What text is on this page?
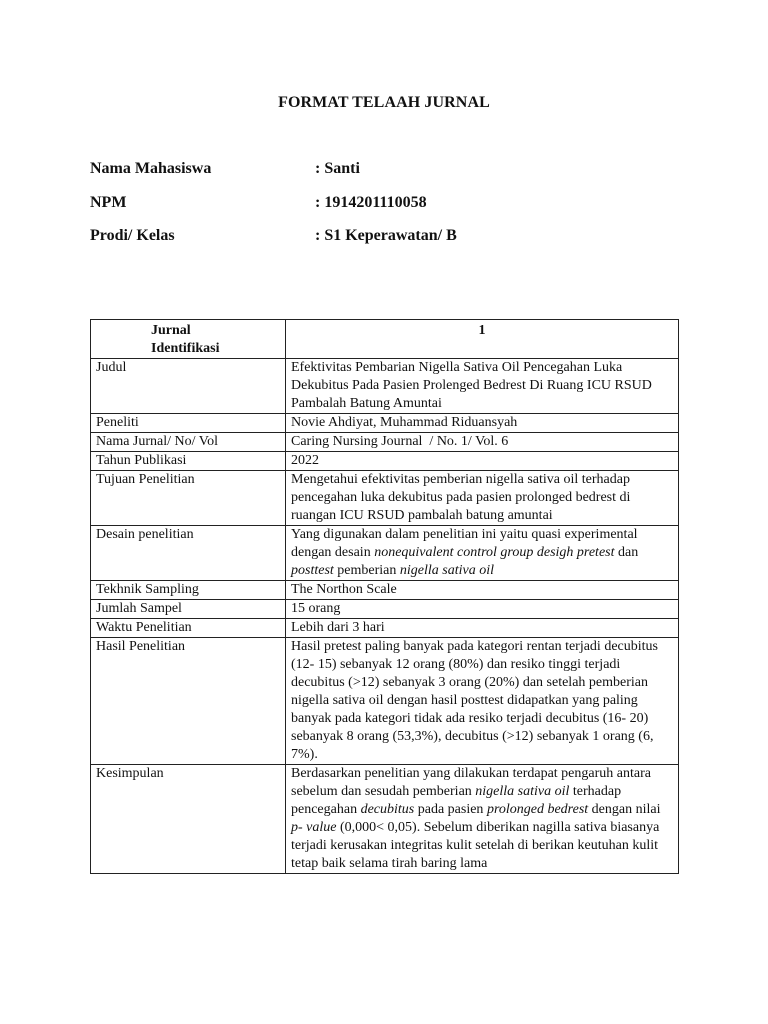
FORMAT TELAAH JURNAL
Nama Mahasiswa	: Santi
NPM	: 1914201110058
Prodi/ Kelas	: S1 Keperawatan/ B
Jurnal
Identifikasi	1
Judul	Efektivitas Pembarian Nigella Sativa Oil Pencegahan Luka Dekubitus Pada Pasien Prolenged Bedrest Di Ruang ICU RSUD Pambalah Batung Amuntai
Peneliti	Novie Ahdiyat, Muhammad Riduansyah
Nama Jurnal/ No/ Vol	Caring Nursing Journal  / No. 1/ Vol. 6
Tahun Publikasi	2022
Tujuan Penelitian	Mengetahui efektivitas pemberian nigella sativa oil terhadap pencegahan luka dekubitus pada pasien prolonged bedrest di ruangan ICU RSUD pambalah batung amuntai
Desain penelitian	Yang digunakan dalam penelitian ini yaitu quasi experimental dengan desain nonequivalent control group desigh pretest dan posttest pemberian nigella sativa oil
Tekhnik Sampling	The Northon Scale
Jumlah Sampel	15 orang
Waktu Penelitian	Lebih dari 3 hari
Hasil Penelitian	Hasil pretest paling banyak pada kategori rentan terjadi decubitus (12- 15) sebanyak 12 orang (80%) dan resiko tinggi terjadi decubitus (>12) sebanyak 3 orang (20%) dan setelah pemberian nigella sativa oil dengan hasil posttest didapatkan yang paling banyak pada kategori tidak ada resiko terjadi decubitus (16- 20) sebanyak 8 orang (53,3%), decubitus (>12) sebanyak 1 orang (6, 7%).
Kesimpulan	Berdasarkan penelitian yang dilakukan terdapat pengaruh antara sebelum dan sesudah pemberian nigella sativa oil terhadap pencegahan decubitus pada pasien prolonged bedrest dengan nilai p- value (0,000< 0,05). Sebelum diberikan nagilla sativa biasanya terjadi kerusakan integritas kulit setelah di berikan keutuhan kulit tetap baik selama tirah baring lama
